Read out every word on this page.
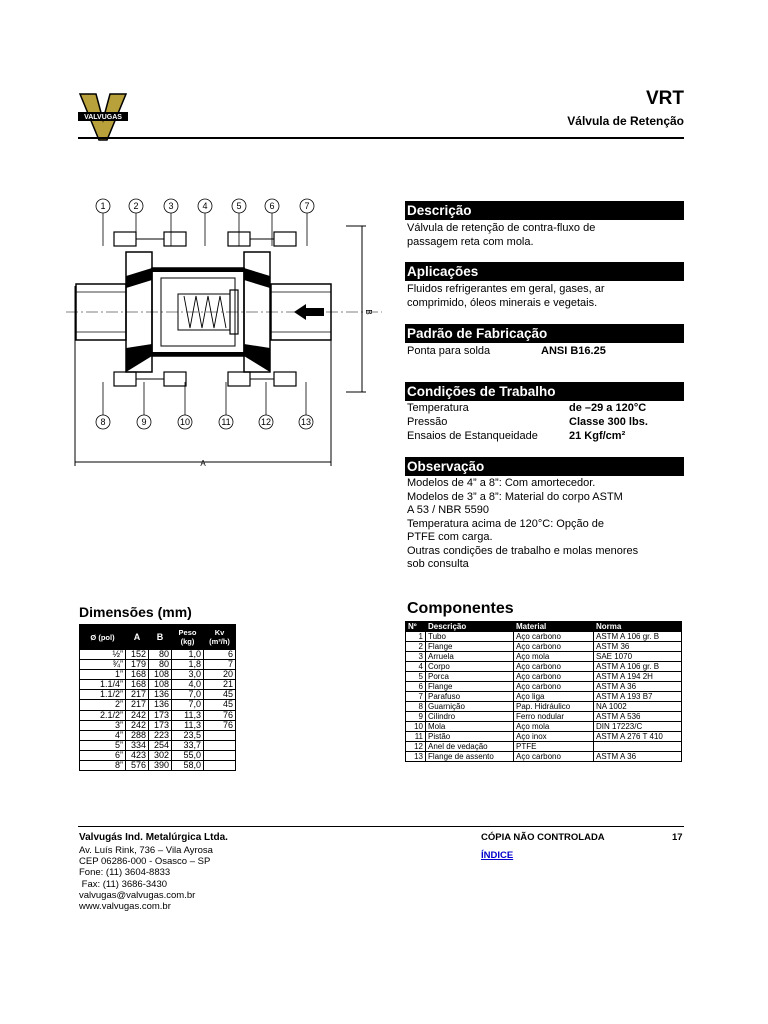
VALVUGAS
VRT
Válvula de Retenção
1	2	3	4	5	6	7
8	9	10	11	12	13
B
A
Descrição
Válvula de retenção de contra-fluxo de
passagem reta com mola.
Aplicações
Fluidos refrigerantes em geral, gases, ar
comprimido, óleos minerais e vegetais.
Padrão de Fabricação
Ponta para solda	ANSI B16.25
Condições de Trabalho
Temperatura	de –29 a 120°C
Pressão	Classe 300 lbs.
Ensaios de Estanqueidade	21 Kgf/cm²
Observação
Modelos de 4” a 8”: Com amortecedor.
Modelos de 3” a 8”: Material do corpo ASTM
A 53 / NBR 5590
Temperatura acima de 120°C: Opção de
PTFE com carga.
Outras condições de trabalho e molas menores
sob consulta
Dimensões (mm)
Ø (pol)	A	B	Peso (kg)	Kv (m³/h)
½”	152	80	1,0	6
¾”	179	80	1,8	7
1”	168	108	3,0	20
1.1/4”	168	108	4,0	21
1.1/2”	217	136	7,0	45
2”	217	136	7,0	45
2.1/2”	242	173	11,3	76
3”	242	173	11,3	76
4”	288	223	23,5	
5”	334	254	33,7	
6”	423	302	55,0	
8”	576	390	58,0	
Componentes
Nº	Descrição	Material	Norma
1	Tubo	Aço carbono	ASTM A 106 gr. B
2	Flange	Aço carbono	ASTM 36
3	Arruela	Aço mola	SAE 1070
4	Corpo	Aço carbono	ASTM A 106 gr. B
5	Porca	Aço carbono	ASTM A 194 2H
6	Flange	Aço carbono	ASTM A 36
7	Parafuso	Aço liga	ASTM A 193 B7
8	Guarnição	Pap. Hidráulico	NA 1002
9	Cilindro	Ferro nodular	ASTM A 536
10	Mola	Aço mola	DIN 17223/C
11	Pistão	Aço inox	ASTM A 276 T 410
12	Anel de vedação	PTFE	
13	Flange de assento	Aço carbono	ASTM A 36
Valvugás Ind. Metalúrgica Ltda.
Av. Luís Rink, 736 – Vila Ayrosa
CEP 06286-000 - Osasco – SP
Fone: (11) 3604-8833
Fax: (11) 3686-3430
valvugas@valvugas.com.br
www.valvugas.com.br
CÓPIA NÃO CONTROLADA	17
ÍNDICE
